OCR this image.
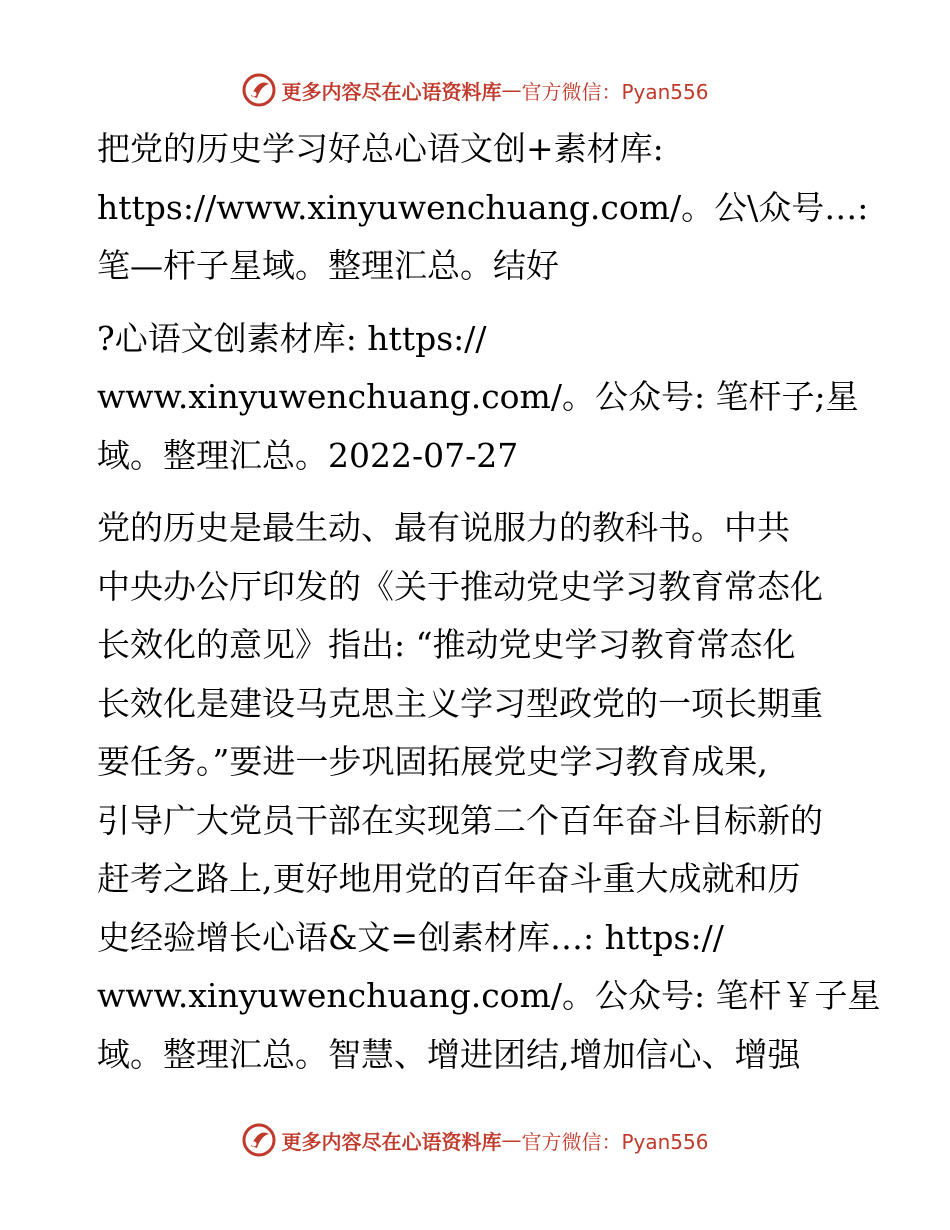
更多内容尽在心语资料库 — 官方微信：Pyan556

把党的历史学习好总心语文创+素材库:
https://www.xinyuwenchuang.com/。公\众号…:
笔—杆子星域。整理汇总。结好

?心语文创素材库: https://
www.xinyuwenchuang.com/。公众号: 笔杆子;星
域。整理汇总。2022-07-27

党的历史是最生动、最有说服力的教科书。中共
中央办公厅印发的《关于推动党史学习教育常态化
长效化的意见》指出: “推动党史学习教育常态化
长效化是建设马克思主义学习型政党的一项长期重
要任务。”要进一步巩固拓展党史学习教育成果,
引导广大党员干部在实现第二个百年奋斗目标新的
赶考之路上,更好地用党的百年奋斗重大成就和历
史经验增长心语&文=创素材库…: https://
www.xinyuwenchuang.com/。公众号: 笔杆￥子星
域。整理汇总。智慧、增进团结,增加信心、增强

更多内容尽在心语资料库 — 官方微信：Pyan556
